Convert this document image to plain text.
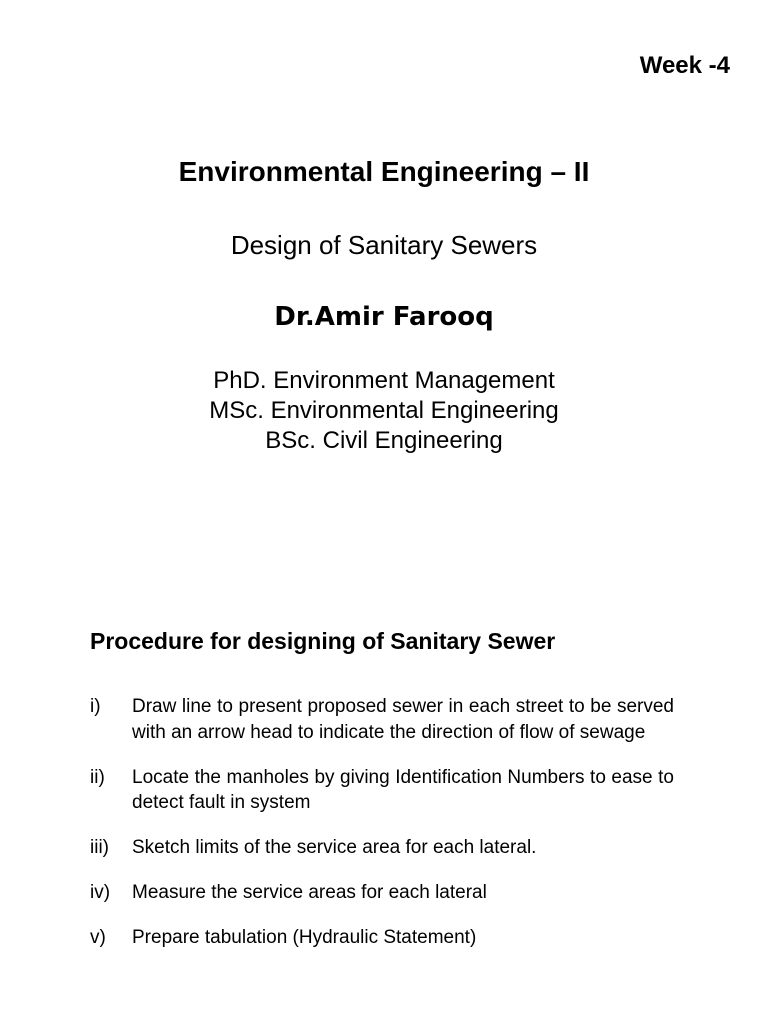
Week -4
Environmental Engineering – II
Design of Sanitary Sewers
Dr.Amir Farooq
PhD. Environment Management
MSc. Environmental Engineering
BSc. Civil Engineering
Procedure for designing of Sanitary Sewer
i)	Draw line to present proposed sewer in each street to be served with an arrow head to indicate the direction of flow of sewage
ii)	Locate the manholes by giving Identification Numbers to ease to detect fault in system
iii)	Sketch limits of the service area for each lateral.
iv)	Measure the service areas for each lateral
v)	Prepare tabulation (Hydraulic Statement)
